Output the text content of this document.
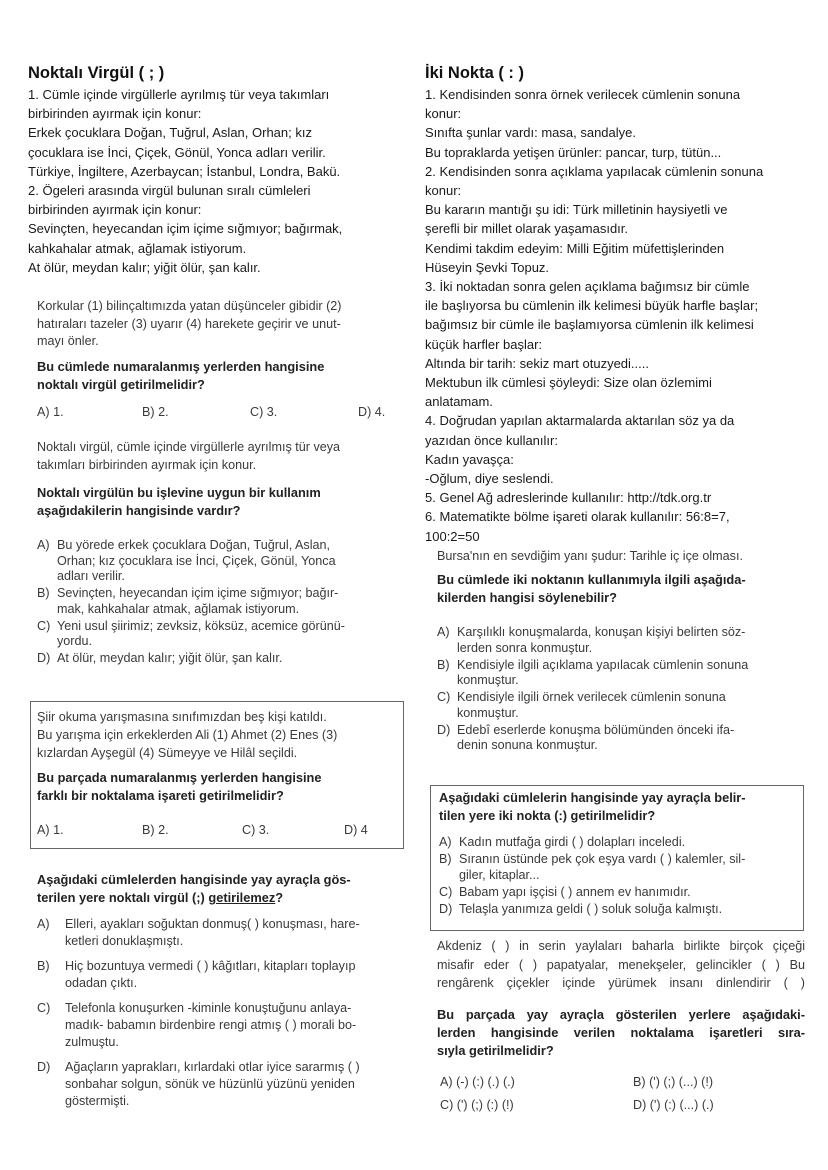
Noktalı Virgül ( ; )
1. Cümle içinde virgüllerle ayrılmış tür veya takımları
birbirinden ayırmak için konur:
Erkek çocuklara Doğan, Tuğrul, Aslan, Orhan; kız
çocuklara ise İnci, Çiçek, Gönül, Yonca adları verilir.
Türkiye, İngiltere, Azerbaycan; İstanbul, Londra, Bakü.
2. Ögeleri arasında virgül bulunan sıralı cümleleri
birbirinden ayırmak için konur:
Sevinçten, heyecandan içim içime sığmıyor; bağırmak,
kahkahalar atmak, ağlamak istiyorum.
At ölür, meydan kalır; yiğit ölür, şan kalır.
Korkular (1) bilinçaltımızda yatan düşünceler gibidir (2)
hatıraları tazeler (3) uyarır (4) harekete geçirir ve unut-
mayı önler.
Bu cümlede numaralanmış yerlerden hangisine
noktalı virgül getirilmelidir?
A) 1.	B) 2.	C) 3.	D) 4.
Noktalı virgül, cümle içinde virgüllerle ayrılmış tür veya
takımları birbirinden ayırmak için konur.
Noktalı virgülün bu işlevine uygun bir kullanım
aşağıdakilerin hangisinde vardır?
A) Bu yörede erkek çocuklara Doğan, Tuğrul, Aslan,
Orhan; kız çocuklara ise İnci, Çiçek, Gönül, Yonca
adları verilir.
B) Sevinçten, heyecandan içim içime sığmıyor; bağır-
mak, kahkahalar atmak, ağlamak istiyorum.
C) Yeni usul şiirimiz; zevksiz, köksüz, acemice görünü-
yordu.
D) At ölür, meydan kalır; yiğit ölür, şan kalır.
Şiir okuma yarışmasına sınıfımızdan beş kişi katıldı.
Bu yarışma için erkeklerden Ali (1) Ahmet (2) Enes (3)
kızlardan Ayşegül (4) Sümeyye ve Hilâl seçildi.
Bu parçada numaralanmış yerlerden hangisine
farklı bir noktalama işareti getirilmelidir?
A) 1.	B) 2.	C) 3.	D) 4
Aşağıdaki cümlelerden hangisinde yay ayraçla gös-
terilen yere noktalı virgül (;) getirilemez?
A)	Elleri, ayakları soğuktan donmuş( ) konuşması, hare-
ketleri donuklaşmıştı.
B)	Hiç bozuntuya vermedi ( ) kâğıtları, kitapları toplayıp
odadan çıktı.
C)	Telefonla konuşurken -kiminle konuştuğunu anlaya-
madık- babamın birdenbire rengi atmış ( ) morali bo-
zulmuştu.
D)	Ağaçların yaprakları, kırlardaki otlar iyice sararmış ( )
sonbahar solgun, sönük ve hüzünlü yüzünü yeniden
göstermişti.
İki Nokta ( : )
1. Kendisinden sonra örnek verilecek cümlenin sonuna
konur:
Sınıfta şunlar vardı: masa, sandalye.
Bu topraklarda yetişen ürünler: pancar, turp, tütün...
2. Kendisinden sonra açıklama yapılacak cümlenin sonuna
konur:
Bu kararın mantığı şu idi: Türk milletinin haysiyetli ve
şerefli bir millet olarak yaşamasıdır.
Kendimi takdim edeyim: Milli Eğitim müfettişlerinden
Hüseyin Şevki Topuz.
3. İki noktadan sonra gelen açıklama bağımsız bir cümle
ile başlıyorsa bu cümlenin ilk kelimesi büyük harfle başlar;
bağımsız bir cümle ile başlamıyorsa cümlenin ilk kelimesi
küçük harfler başlar:
Altında bir tarih: sekiz mart otuzyedi.....
Mektubun ilk cümlesi şöyleydi: Size olan özlemimi
anlatamam.
4. Doğrudan yapılan aktarmalarda aktarılan söz ya da
yazıdan önce kullanılır:
Kadın yavaşça:
-Oğlum, diye seslendi.
5. Genel Ağ adreslerinde kullanılır: http://tdk.org.tr
6. Matematikte bölme işareti olarak kullanılır: 56:8=7,
100:2=50
Bursa'nın en sevdiğim yanı şudur: Tarihle iç içe olması.
Bu cümlede iki noktanın kullanımıyla ilgili aşağıda-
kilerden hangisi söylenebilir?
A) Karşılıklı konuşmalarda, konuşan kişiyi belirten söz-
lerden sonra konmuştur.
B) Kendisiyle ilgili açıklama yapılacak cümlenin sonuna
konmuştur.
C) Kendisiyle ilgili örnek verilecek cümlenin sonuna
konmuştur.
D) Edebî eserlerde konuşma bölümünden önceki ifa-
denin sonuna konmuştur.
Aşağıdaki cümlelerin hangisinde yay ayraçla belir-
tilen yere iki nokta (:) getirilmelidir?
A) Kadın mutfağa girdi ( ) dolapları inceledi.
B) Sıranın üstünde pek çok eşya vardı ( ) kalemler, sil-
giler, kitaplar...
C) Babam yapı işçisi ( ) annem ev hanımıdır.
D) Telaşla yanımıza geldi ( ) soluk soluğa kalmıştı.
Akdeniz ( ) in serin yaylaları baharla birlikte birçok çiçeği
misafir eder ( ) papatyalar, menekşeler, gelincikler ( ) Bu
rengârenk çiçekler içinde yürümek insanı dinlendirir ( )
Bu parçada yay ayraçla gösterilen yerlere aşağıdaki-
lerden hangisinde verilen noktalama işaretleri sıra-
sıyla getirilmelidir?
A) (-) (:) (.) (.)	B) (') (;) (...) (!)
C) (') (;) (:) (!)	D) (') (:) (...) (.)
